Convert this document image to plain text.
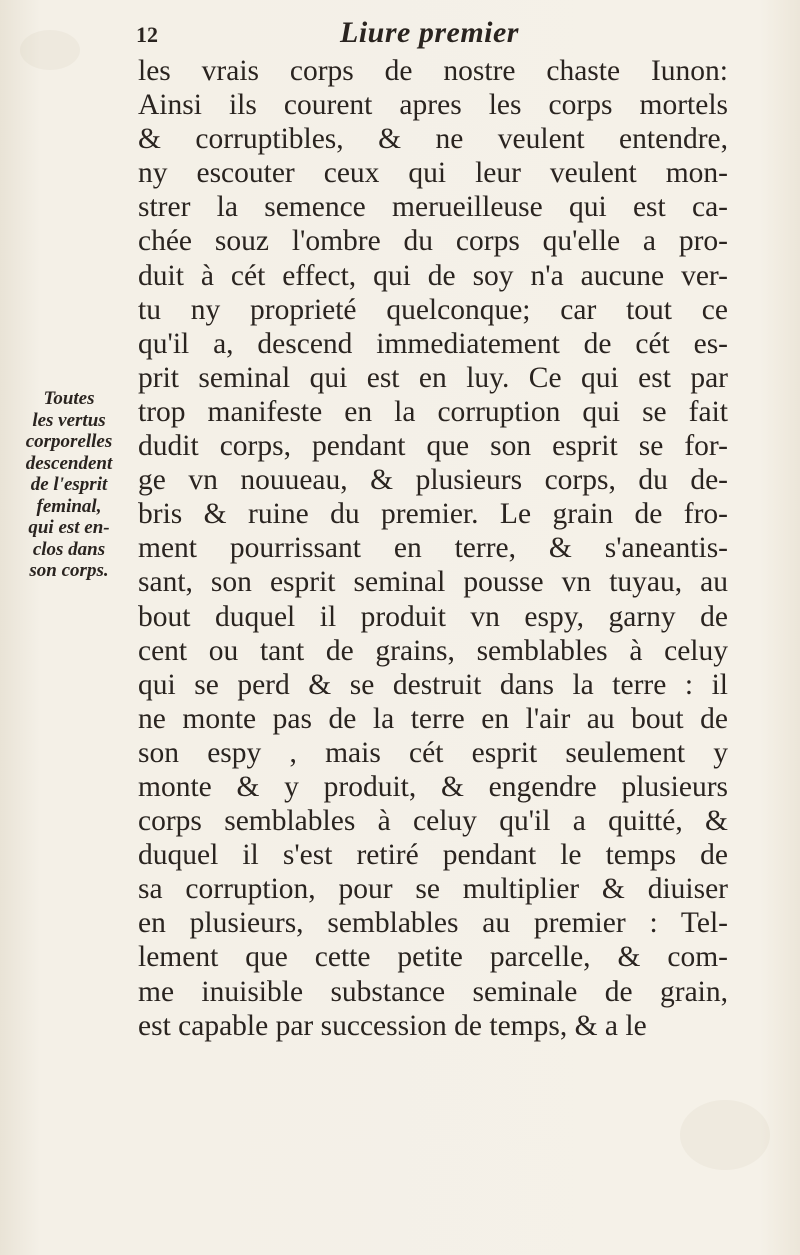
12	Liure premier
Toutes
les vertus
corporelles
descendent
de l'esprit
feminal,
qui est en-
clos dans
son corps.
les vrais corps de nostre chaste Iunon:
Ainsi ils courent apres les corps mortels
& corruptibles, & ne veulent entendre,
ny escouter ceux qui leur veulent mon-
strer la semence merueilleuse qui est ca-
chée souz l'ombre du corps qu'elle a pro-
duit à cét effect, qui de soy n'a aucune ver-
tu ny proprieté quelconque; car tout ce
qu'il a, descend immediatement de cét es-
prit seminal qui est en luy. Ce qui est par
trop manifeste en la corruption qui se fait
dudit corps, pendant que son esprit se for-
ge vn nouueau, & plusieurs corps, du de-
bris & ruine du premier. Le grain de fro-
ment pourrissant en terre, & s'aneantis-
sant, son esprit seminal pousse vn tuyau, au
bout duquel il produit vn espy, garny de
cent ou tant de grains, semblables à celuy
qui se perd & se destruit dans la terre : il
ne monte pas de la terre en l'air au bout de
son espy , mais cét esprit seulement y
monte & y produit, & engendre plusieurs
corps semblables à celuy qu'il a quitté, &
duquel il s'est retiré pendant le temps de
sa corruption, pour se multiplier & diuiser
en plusieurs, semblables au premier : Tel-
lement que cette petite parcelle, & com-
me inuisible substance seminale de grain,
est capable par succession de temps, & a le
